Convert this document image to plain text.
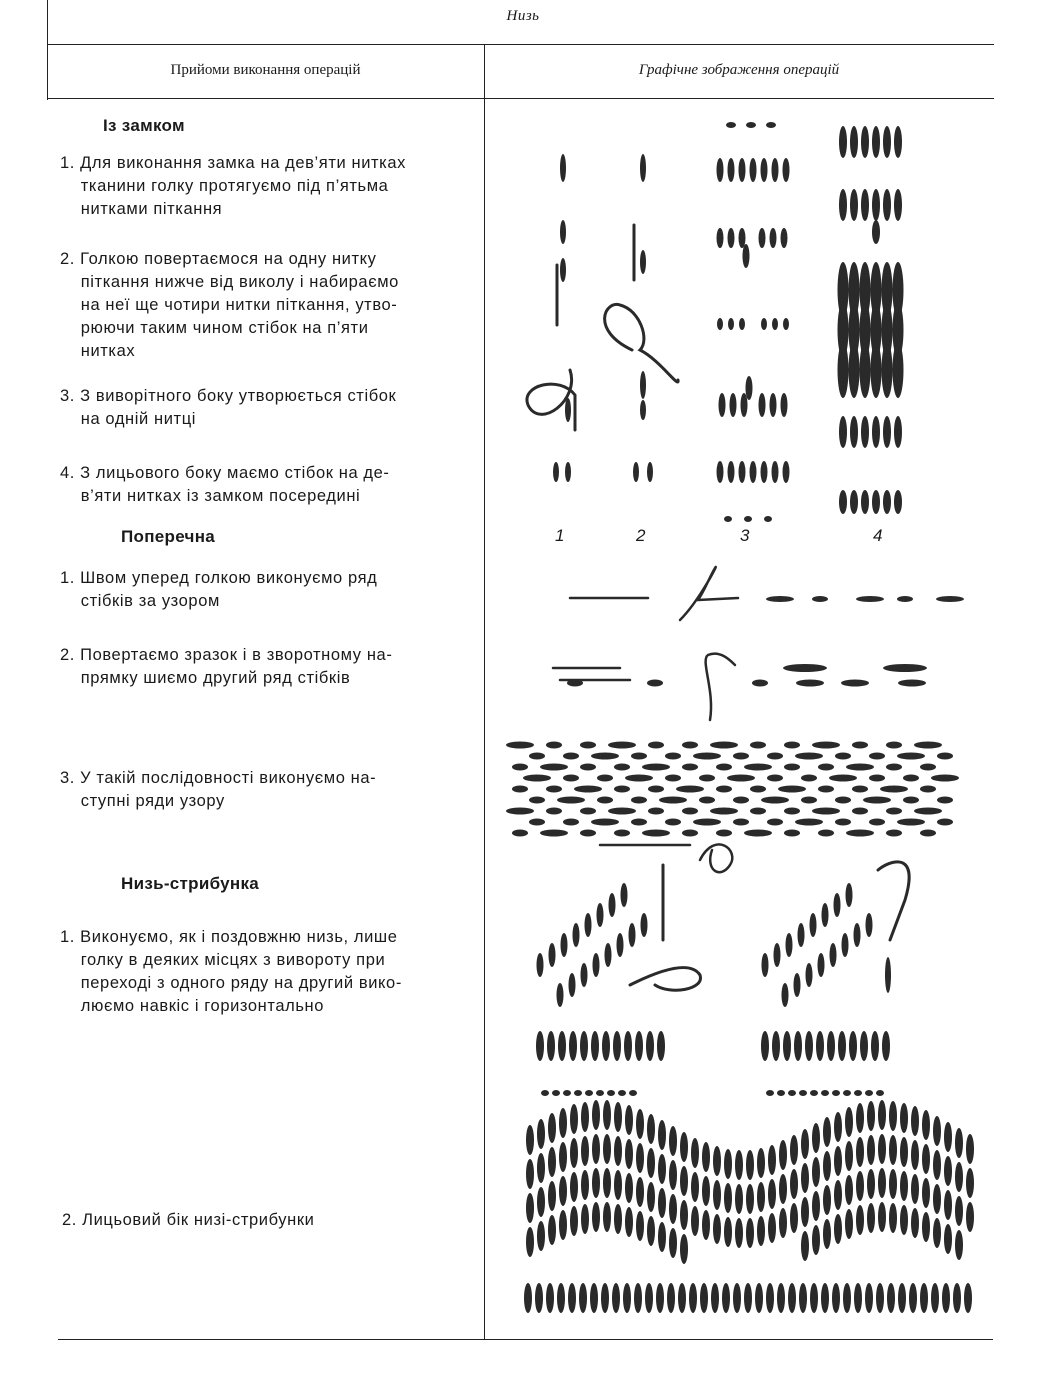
Низь
Прийоми виконання операцій	Графічне зображення операцій
Із замком
1. Для виконання замка на дев’яти нитках
тканини голку протягуємо під п’ятьма
нитками піткання
2. Голкою повертаємося на одну нитку
піткання нижче від виколу і набираємо
на неї ще чотири нитки піткання, утво-
рюючи таким чином стібок на п’яти
нитках
3. З виворітного боку утворюється стібок
на одній нитці
4. З лицьового боку маємо стібок на де-
в’яти нитках із замком посередині
Поперечна
1. Швом уперед голкою виконуємо ряд
стібків за узором
2. Повертаємо зразок і в зворотному на-
прямку шиємо другий ряд стібків
3. У такій послідовності виконуємо на-
ступні ряди узору
Низь-стрибунка
1. Виконуємо, як і поздовжню низь, лише
голку в деяких місцях з вивороту при
переході з одного ряду на другий вико-
люємо навкіс і горизонтально
2. Лицьовий бік низі-стрибунки
1	2	3	4
